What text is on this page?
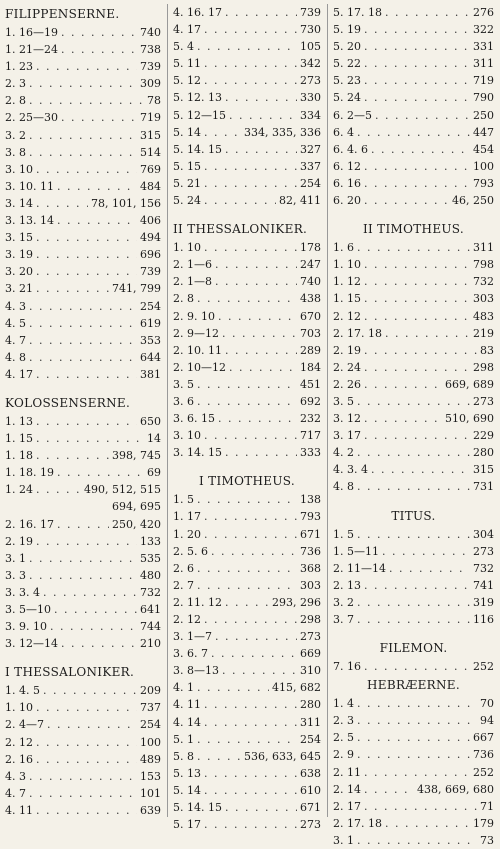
FILIPPENSERNE.
1. 16—19 . . .	740
1. 21—24 . . .	738
1. 23 . . .	739
2. 3 . . .	309
2. 8 . . .	78
2. 25—30 . . .	719
3. 2 . . .	315
3. 8 . . .	514
3. 10 . . .	769
3. 10. 11 . . .	484
3. 14 . . .	78, 101, 156
3. 13. 14 . . .	406
3. 15 . . .	494
3. 19 . . .	696
3. 20 . . .	739
3. 21 . . .	741, 799
4. 3 . . .	254
4. 5 . . .	619
4. 7 . . .	353
4. 8 . . .	644
4. 17 . . .	381
KOLOSSENSERNE.
1. 13 . . .	650
1. 15 . . .	14
1. 18 . . .	398, 745
1. 18. 19 . . .	69
1. 24 . . .	490, 512, 515
694, 695
2. 16. 17 . . .	250, 420
2. 19 . . .	133
3. 1 . . .	535
3. 3 . . .	480
3. 3. 4 . . .	732
3. 5—10 . . .	641
3. 9. 10 . . .	744
3. 12—14 . . .	210
I THESSALONIKER.
1. 4. 5 . . .	209
1. 10 . . .	737
2. 4—7 . . .	254
2. 12 . . .	100
2. 16 . . .	489
4. 3 . . .	153
4. 7 . . .	101
4. 11 . . .	639
4. 16. 17 . . .	739
4. 17 . . .	730
5. 4 . . .	105
5. 11 . . .	342
5. 12 . . .	273
5. 12. 13 . . .	330
5. 12—15 . . .	334
5. 14 . . .	334, 335, 336
5. 14. 15 . . .	327
5. 15 . . .	337
5. 21 . . .	254
5. 24 . . .	82, 411
II THESSALONIKER.
1. 10 . . .	178
2. 1—6 . . .	247
2. 1—8 . . .	740
2. 8 . . .	438
2. 9. 10 . . .	670
2. 9—12 . . .	703
2. 10. 11 . . .	289
2. 10—12 . . .	184
3. 5 . . .	451
3. 6 . . .	692
3. 6. 15 . . .	232
3. 10 . . .	717
3. 14. 15 . . .	333
I TIMOTHEUS.
1. 5 . . .	138
1. 17 . . .	793
1. 20 . . .	671
2. 5. 6 . . .	736
2. 6 . . .	368
2. 7 . . .	303
2. 11. 12 . . .	293, 296
2. 12 . . .	298
3. 1—7 . . .	273
3. 6. 7 . . .	669
3. 8—13 . . .	310
4. 1 . . .	415, 682
4. 11 . . .	280
4. 14 . . .	311
5. 1 . . .	254
5. 8 . . .	536, 633, 645
5. 13 . . .	638
5. 14 . . .	610
5. 14. 15 . . .	671
5. 17 . . .	273
5. 17. 18 . . .	276
5. 19 . . .	322
5. 20 . . .	331
5. 22 . . .	311
5. 23 . . .	719
5. 24 . . .	790
6. 2—5 . . .	250
6. 4 . . .	447
6. 4. 6 . . .	454
6. 12 . . .	100
6. 16 . . .	793
6. 20 . . .	46, 250
II TIMOTHEUS.
1. 6 . . .	311
1. 10 . . .	798
1. 12 . . .	732
1. 15 . . .	303
2. 12 . . .	483
2. 17. 18 . . .	219
2. 19 . . .	83
2. 24 . . .	298
2. 26 . . .	669, 689
3. 5 . . .	273
3. 12 . . .	510, 690
3. 17 . . .	229
4. 2 . . .	280
4. 3. 4 . . .	315
4. 8 . . .	731
TITUS.
1. 5 . . .	304
1. 5—11 . . .	273
2. 11—14 . . .	732
2. 13 . . .	741
3. 2 . . .	319
3. 7 . . .	116
FILEMON.
7. 16 . . .	252
HEBRÆERNE.
1. 4 . . .	70
2. 3 . . .	94
2. 5 . . .	667
2. 9 . . .	736
2. 11 . . .	252
2. 14 . . .	438, 669, 680
2. 17 . . .	71
2. 17. 18 . . .	179
3. 1 . . .	73
